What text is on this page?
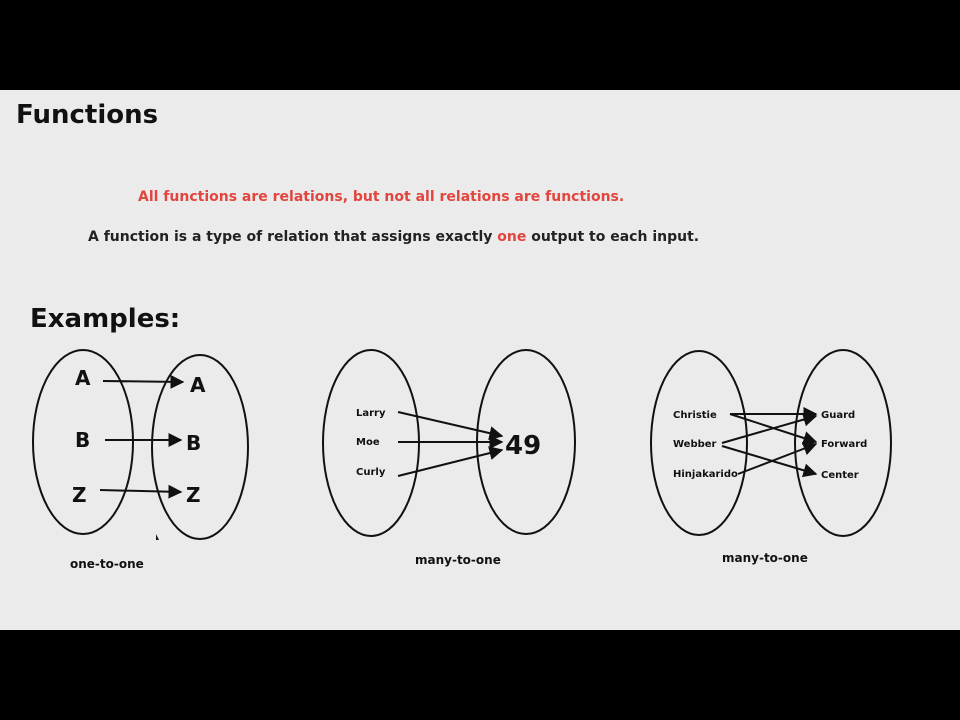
Functions
All functions are relations, but not all relations are functions.
A function is a type of relation that assigns exactly one output to each input.
Examples:
A
B
Z
A
B
Z
one-to-one
Larry
Moe
Curly
49
many-to-one
Christie
Webber
Hinjakarido
Guard
Forward
Center
many-to-one
